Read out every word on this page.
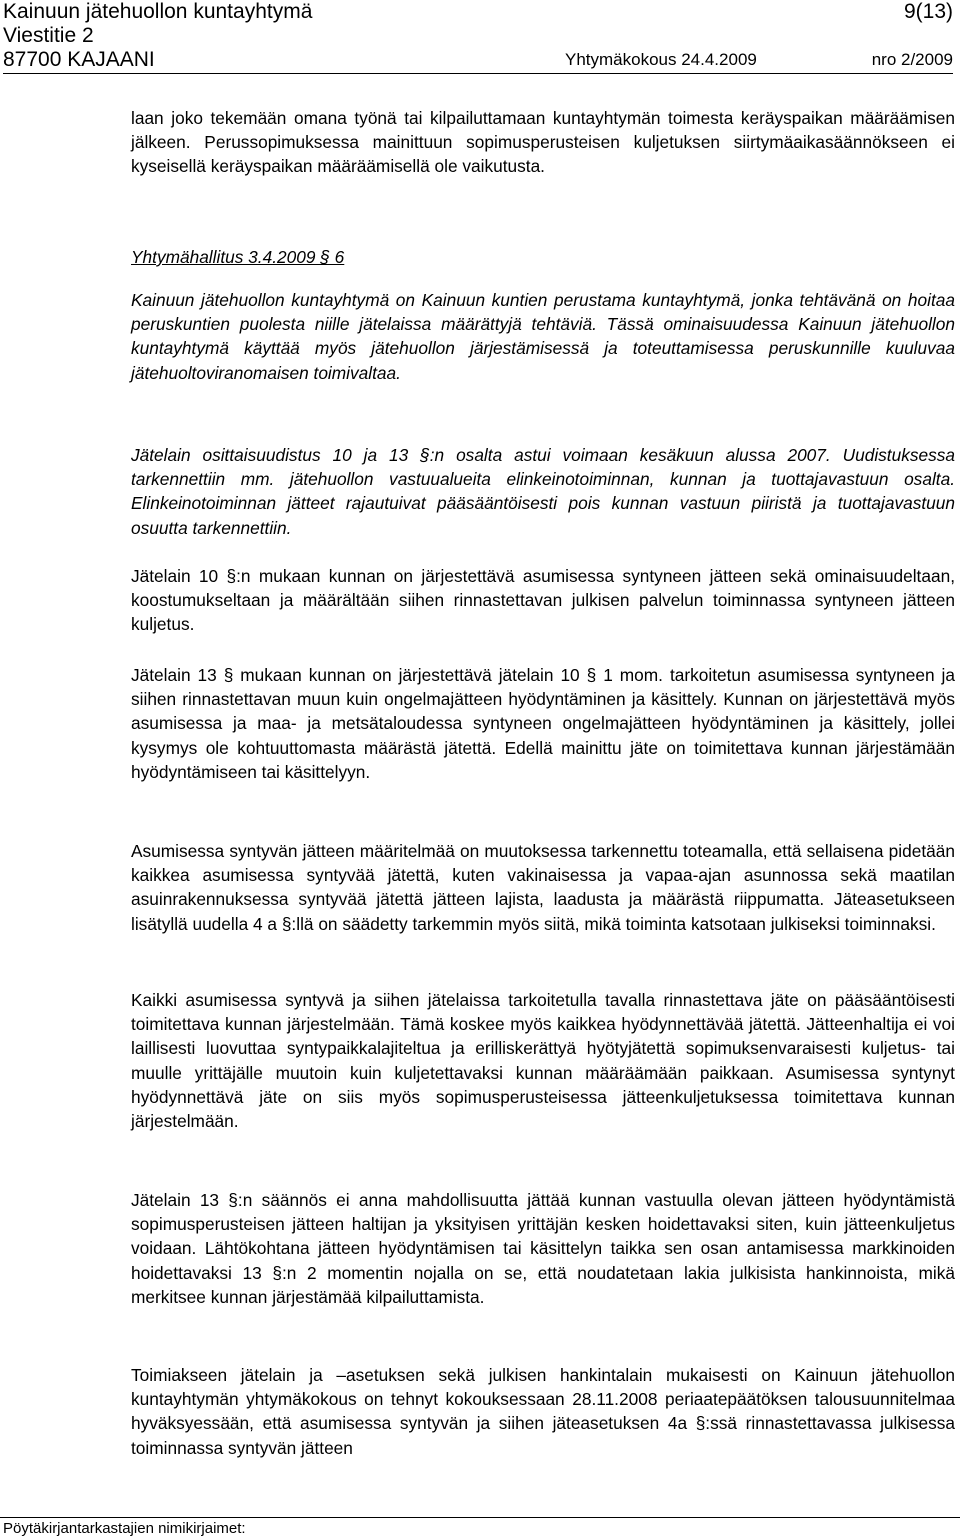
Kainuun jätehuollon kuntayhtymä	9(13)
Viestitie 2
87700 KAJAANI	Yhtymäkokous 24.4.2009	nro 2/2009

laan joko tekemään omana työnä tai kilpailuttamaan kuntayhtymän toimesta keräyspaikan määräämisen jälkeen. Perussopimuksessa mainittuun sopimusperusteisen kuljetuksen siirtymäaikasäännökseen ei kyseisellä keräyspaikan määräämisellä ole vaikutusta.

Yhtymähallitus 3.4.2009 § 6

Kainuun jätehuollon kuntayhtymä on Kainuun kuntien perustama kuntayhtymä, jonka tehtävänä on hoitaa peruskuntien puolesta niille jätelaissa määrättyjä tehtäviä. Tässä ominaisuudessa Kainuun jätehuollon kuntayhtymä käyttää myös jätehuollon järjestämisessä ja toteuttamisessa peruskunnille kuuluvaa jätehuoltoviranomaisen toimivaltaa.

Jätelain osittaisuudistus 10 ja 13 §:n osalta astui voimaan kesäkuun alussa 2007. Uudistuksessa tarkennettiin mm. jätehuollon vastuualueita elinkeinotoiminnan, kunnan ja tuottajavastuun osalta. Elinkeinotoiminnan jätteet rajautuivat pääsääntöisesti pois kunnan vastuun piiristä ja tuottajavastuun osuutta tarkennettiin.

Jätelain 10 §:n mukaan kunnan on järjestettävä asumisessa syntyneen jätteen sekä ominaisuudeltaan, koostumukseltaan ja määrältään siihen rinnastettavan julkisen palvelun toiminnassa syntyneen jätteen kuljetus.

Jätelain 13 § mukaan kunnan on järjestettävä jätelain 10 § 1 mom. tarkoitetun asumisessa syntyneen ja siihen rinnastettavan muun kuin ongelmajätteen hyödyntäminen ja käsittely. Kunnan on järjestettävä myös asumisessa ja maa- ja metsätaloudessa syntyneen ongelmajätteen hyödyntäminen ja käsittely, jollei kysymys ole kohtuuttomasta määrästä jätettä. Edellä mainittu jäte on toimitettava kunnan järjestämään hyödyntämiseen tai käsittelyyn.

Asumisessa syntyvän jätteen määritelmää on muutoksessa tarkennettu toteamalla, että sellaisena pidetään kaikkea asumisessa syntyvää jätettä, kuten vakinaisessa ja vapaa-ajan asunnossa sekä maatilan asuinrakennuksessa syntyvää jätettä jätteen lajista, laadusta ja määrästä riippumatta. Jäteasetukseen lisätyllä uudella 4 a §:llä on säädetty tarkemmin myös siitä, mikä toiminta katsotaan julkiseksi toiminnaksi.

Kaikki asumisessa syntyvä ja siihen jätelaissa tarkoitetulla tavalla rinnastettava jäte on pääsääntöisesti toimitettava kunnan järjestelmään. Tämä koskee myös kaikkea hyödynnettävää jätettä. Jätteenhaltija ei voi laillisesti luovuttaa syntypaikkalajiteltua ja erilliskerättyä hyötyjätettä sopimuksenvaraisesti kuljetus- tai muulle yrittäjälle muutoin kuin kuljetettavaksi kunnan määräämään paikkaan. Asumisessa syntynyt hyödynnettävä jäte on siis myös sopimusperusteisessa jätteenkuljetuksessa toimitettava kunnan järjestelmään.

Jätelain 13 §:n säännös ei anna mahdollisuutta jättää kunnan vastuulla olevan jätteen hyödyntämistä sopimusperusteisen jätteen haltijan ja yksityisen yrittäjän kesken hoidettavaksi siten, kuin jätteenkuljetus voidaan. Lähtökohtana jätteen hyödyntämisen tai käsittelyn taikka sen osan antamisessa markkinoiden hoidettavaksi 13 §:n 2 momentin nojalla on se, että noudatetaan lakia julkisista hankinnoista, mikä merkitsee kunnan järjestämää kilpailuttamista.

Toimiakseen jätelain ja –asetuksen sekä julkisen hankintalain mukaisesti on Kainuun jätehuollon kuntayhtymän yhtymäkokous on tehnyt kokouksessaan 28.11.2008 periaatepäätöksen talousuunnitelmaa hyväksyessään, että asumisessa syntyvän ja siihen jäteasetuksen 4a §:ssä rinnastettavassa julkisessa toiminnassa syntyvän jätteen

Pöytäkirjantarkastajien nimikirjaimet:
